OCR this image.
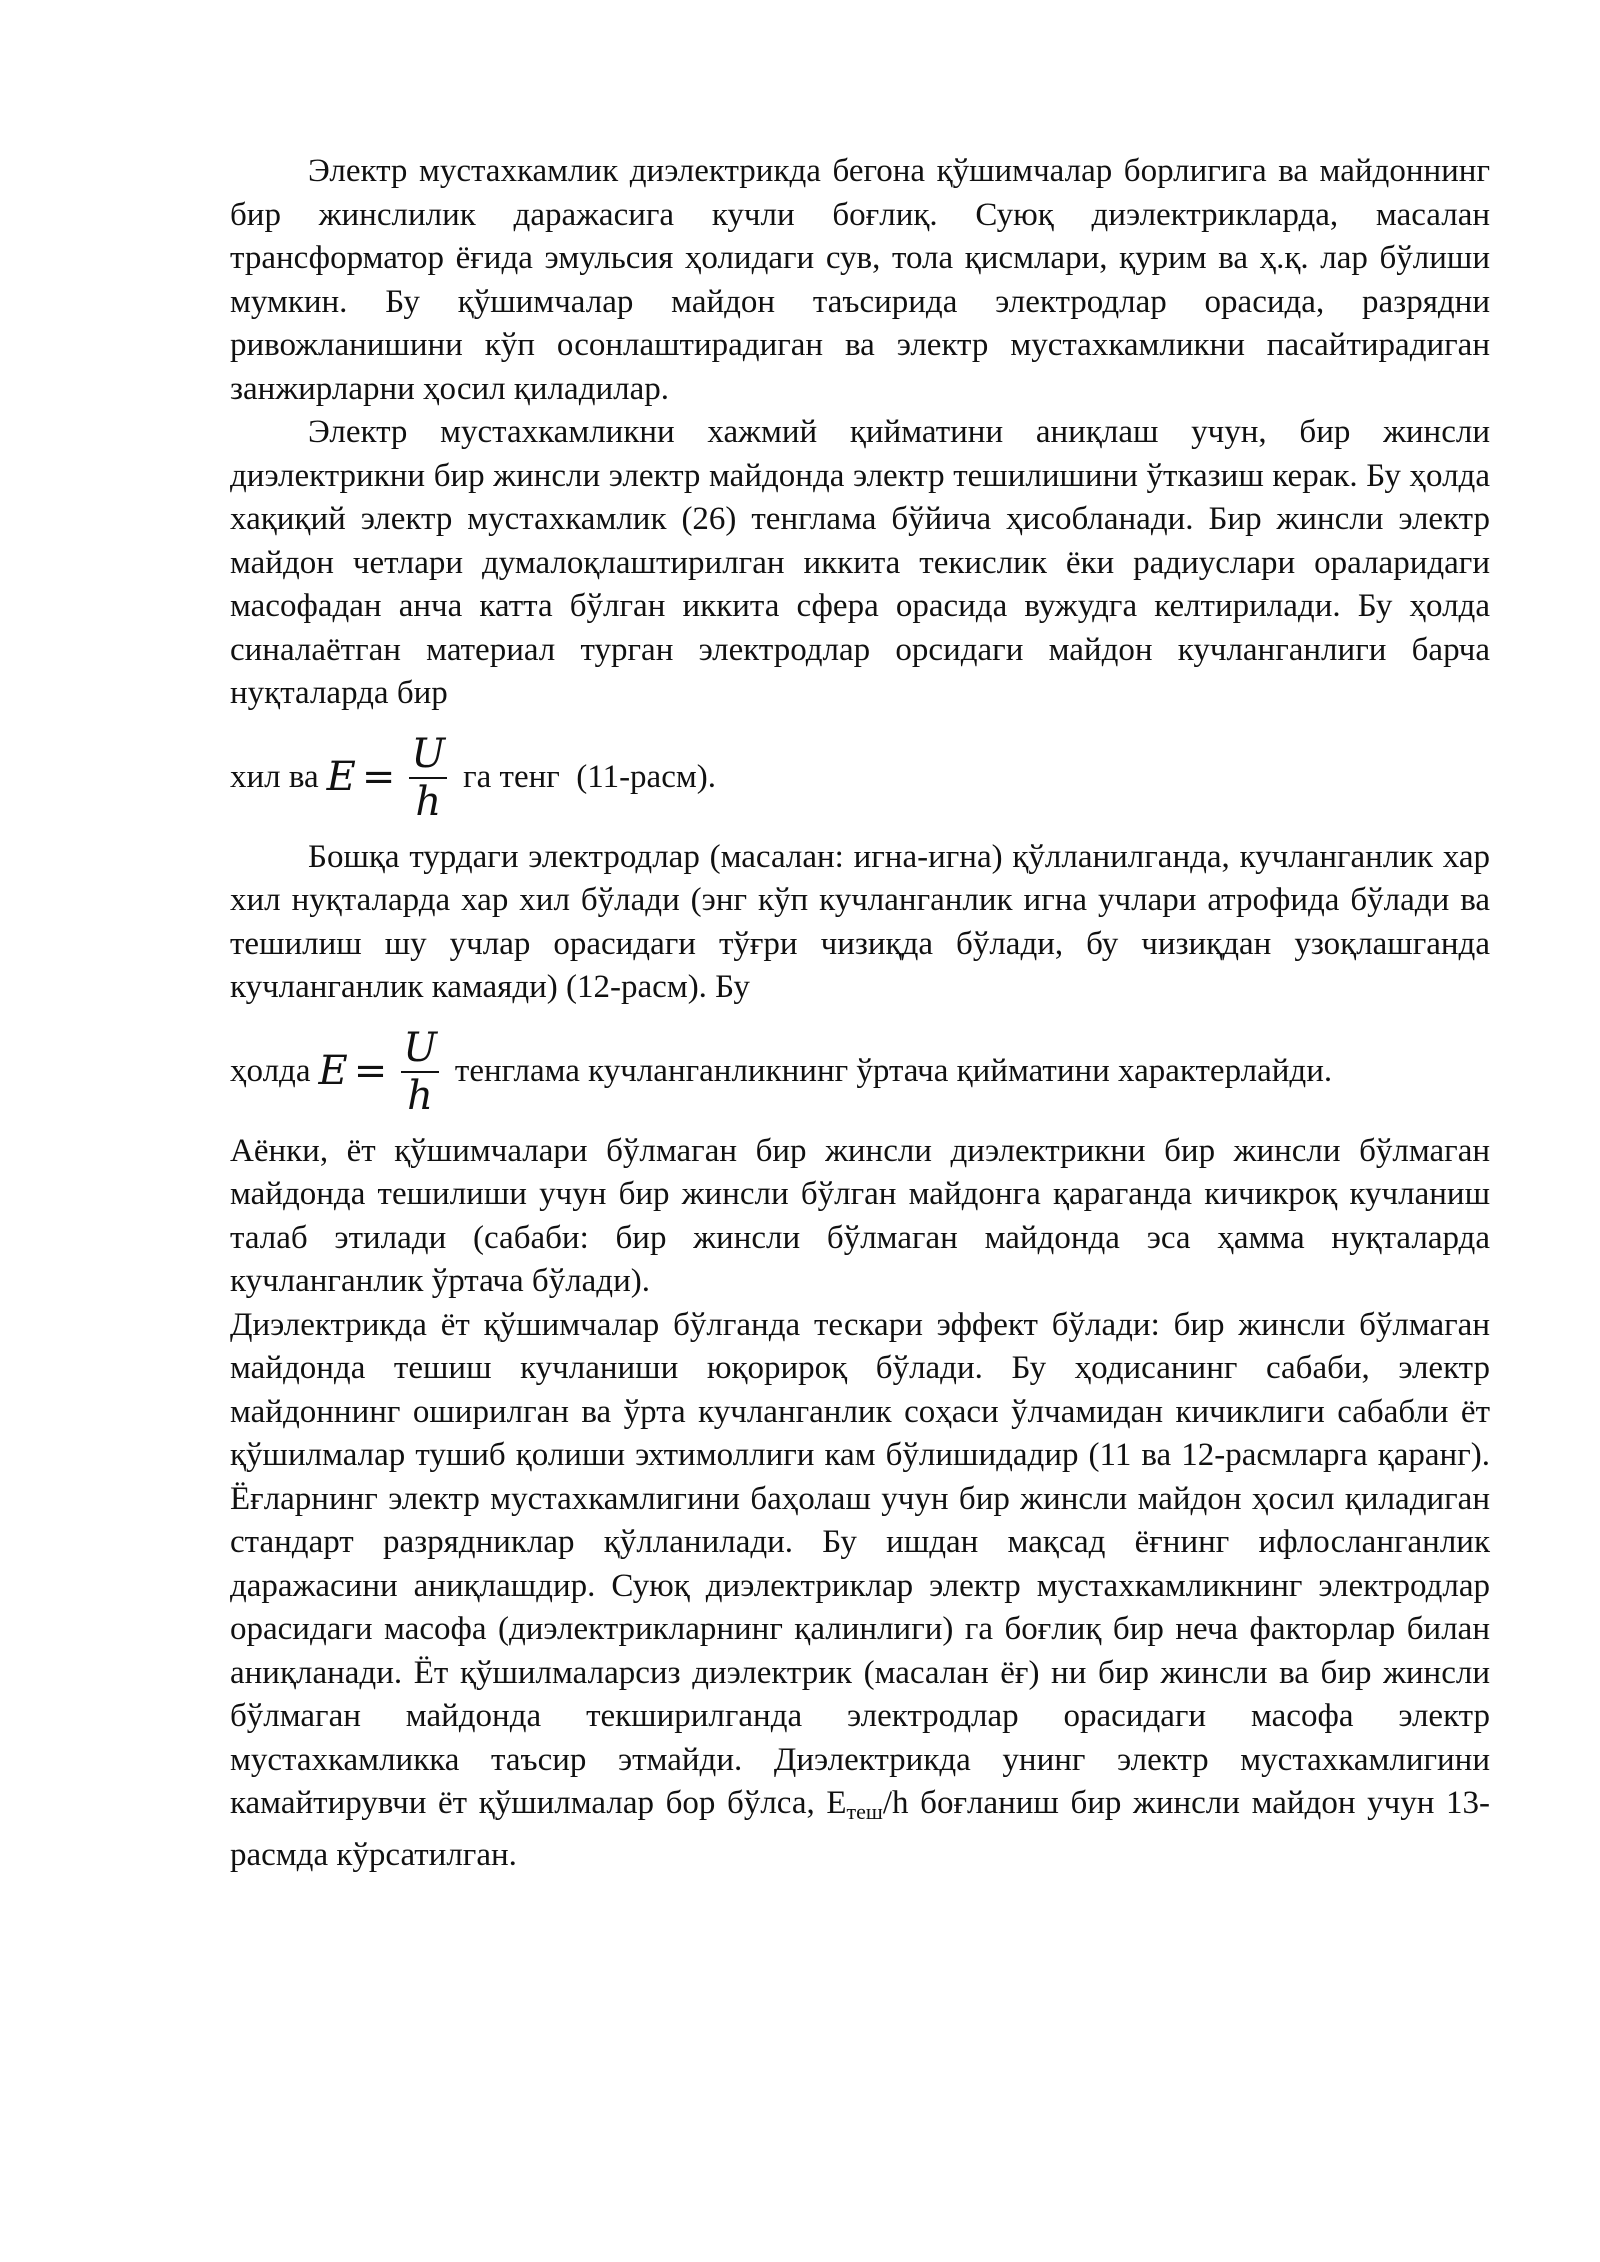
Электр мустахкамлик диэлектрикда бегона қўшимчалар борлигига ва майдоннинг бир жинслилик даражасига кучли боғлиқ. Суюқ диэлектрикларда, масалан трансформатор ёғида эмульсия ҳолидаги сув, тола қисмлари, қурим ва ҳ.қ. лар бўлиши мумкин. Бу қўшимчалар майдон таъсирида электродлар орасида, разрядни ривожланишини кўп осонлаштирадиган ва электр мустахкамликни пасайтирадиган занжирларни ҳосил қиладилар.

Электр мустахкамликни хажмий қийматини аниқлаш учун, бир жинсли диэлектрикни бир жинсли электр майдонда электр тешилишини ўтказиш керак. Бу ҳолда хақиқий электр мустахкамлик (26) тенглама бўйича ҳисобланади. Бир жинсли электр майдон четлари думалоқлаштирилган иккита текислик ёки радиуслари ораларидаги масофадан анча катта бўлган иккита сфера орасида вужудга келтирилади. Бу ҳолда синалаётган материал турган электродлар орсидаги майдон кучланганлиги барча нуқталарда бир

хил ва $E = \frac{U}{h}$ га тенг  (11-расм).

Бошқа турдаги электродлар (масалан: игна-игна) қўлланилганда, кучланганлик хар хил нуқталарда хар хил бўлади (энг кўп кучланганлик игна учлари атрофида бўлади ва тешилиш шу учлар орасидаги тўғри чизиқда бўлади, бу чизиқдан узоқлашганда кучланганлик камаяди) (12-расм). Бу

ҳолда $E = \frac{U}{h}$ тенглама кучланганликнинг ўртача қийматини характерлайди.

Аёнки, ёт қўшимчалари бўлмаган бир жинсли диэлектрикни бир жинсли бўлмаган майдонда тешилиши учун бир жинсли бўлган майдонга қараганда кичикроқ кучланиш талаб этилади (сабаби: бир жинсли бўлмаган майдонда эса ҳамма нуқталарда кучланганлик ўртача бўлади).

Диэлектрикда ёт қўшимчалар бўлганда тескари эффект бўлади: бир жинсли бўлмаган майдонда тешиш кучланиши юқорироқ бўлади. Бу ҳодисанинг сабаби, электр майдоннинг оширилган ва ўрта кучланганлик соҳаси ўлчамидан кичиклиги сабабли ёт қўшилмалар тушиб қолиши эхтимоллиги кам бўлишидадир (11 ва 12-расмларга қаранг). Ёғларнинг электр мустахкамлигини баҳолаш учун бир жинсли майдон ҳосил қиладиган стандарт разрядниклар қўлланилади. Бу ишдан мақсад ёғнинг ифлосланганлик даражасини аниқлашдир. Суюқ диэлектриклар электр мустахкамликнинг электродлар орасидаги масофа (диэлектрикларнинг қалинлиги) га боғлиқ бир неча факторлар билан аниқланади. Ёт қўшилмаларсиз диэлектрик (масалан ёғ) ни бир жинсли ва бир жинсли бўлмаган майдонда текширилганда электродлар орасидаги масофа электр мустахкамликка таъсир этмайди. Диэлектрикда унинг электр мустахкамлигини камайтирувчи ёт қўшилмалар бор бўлса, $E_{теш}/h$ боғланиш бир жинсли майдон учун 13-расмда кўрсатилган.
